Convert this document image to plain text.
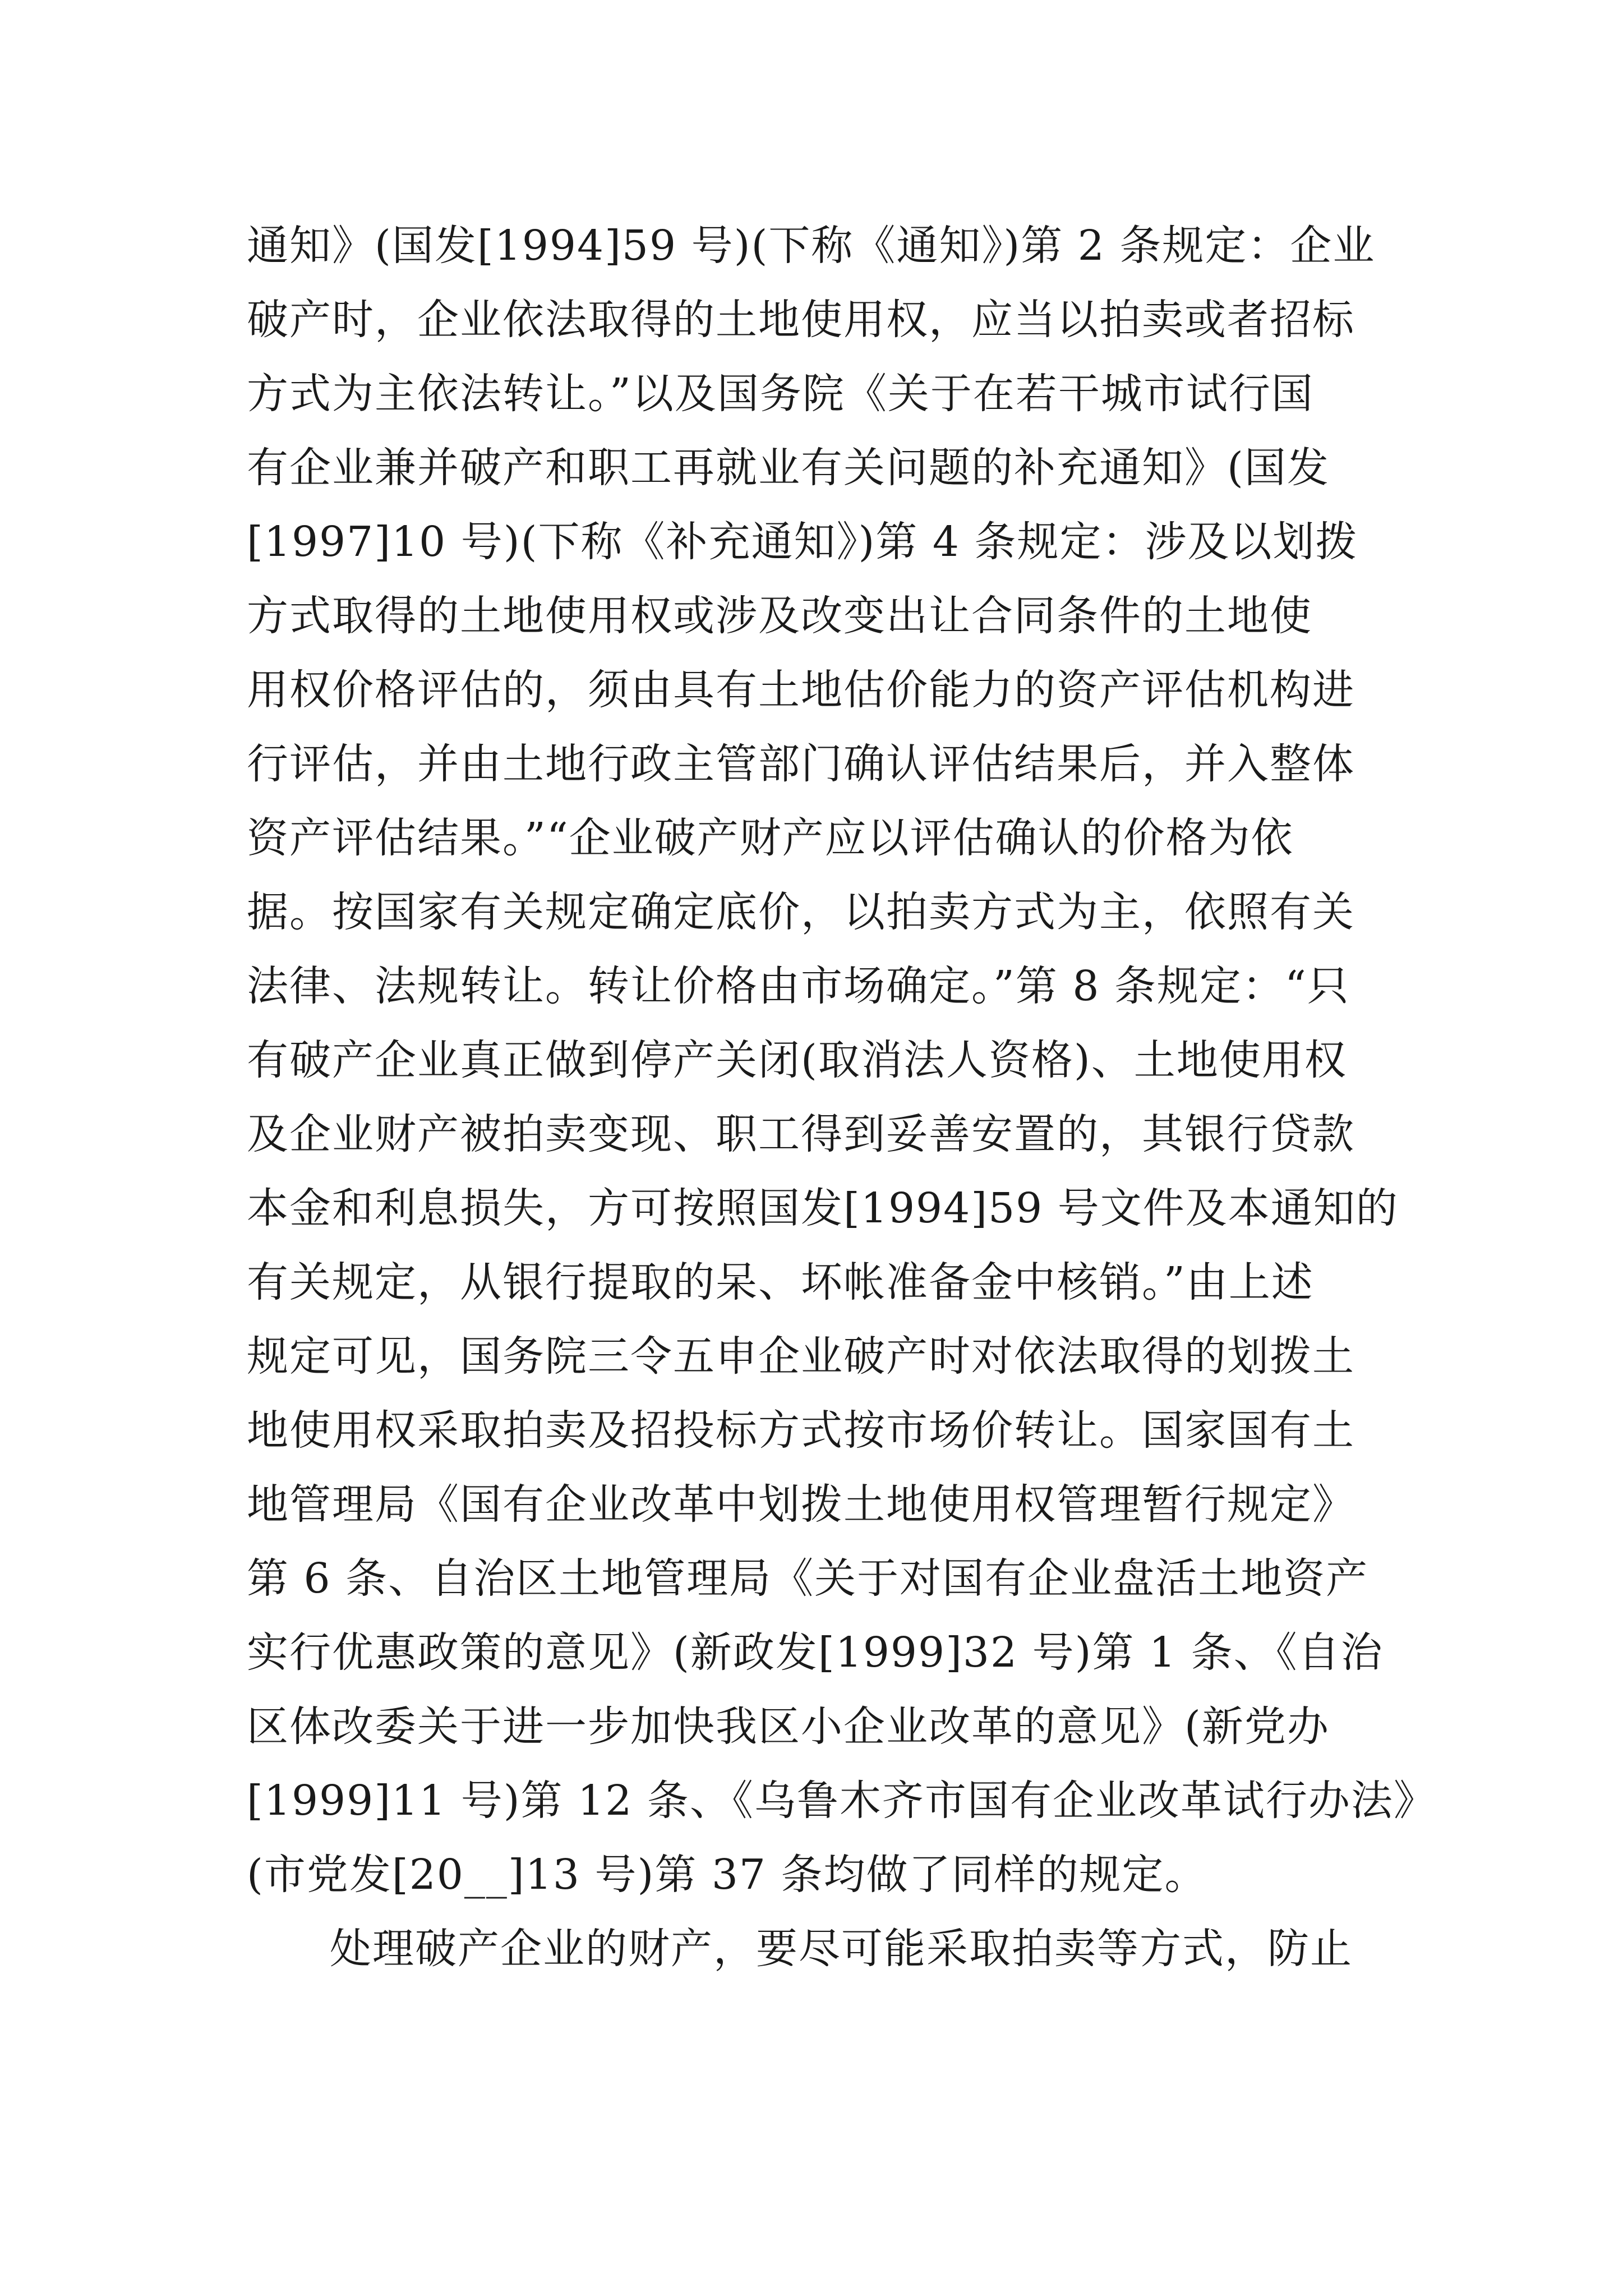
通知》(国发[1994]59 号)(下称《通知》)第 2 条规定：企业
破产时，企业依法取得的土地使用权，应当以拍卖或者招标
方式为主依法转让。”以及国务院《关于在若干城市试行国
有企业兼并破产和职工再就业有关问题的补充通知》(国发
[1997]10 号)(下称《补充通知》)第 4 条规定：涉及以划拨
方式取得的土地使用权或涉及改变出让合同条件的土地使
用权价格评估的，须由具有土地估价能力的资产评估机构进
行评估，并由土地行政主管部门确认评估结果后，并入整体
资产评估结果。”“企业破产财产应以评估确认的价格为依
据。按国家有关规定确定底价，以拍卖方式为主，依照有关
法律、法规转让。转让价格由市场确定。”第 8 条规定：“只
有破产企业真正做到停产关闭(取消法人资格)、土地使用权
及企业财产被拍卖变现、职工得到妥善安置的，其银行贷款
本金和利息损失，方可按照国发[1994]59 号文件及本通知的
有关规定，从银行提取的呆、坏帐准备金中核销。”由上述
规定可见，国务院三令五申企业破产时对依法取得的划拨土
地使用权采取拍卖及招投标方式按市场价转让。国家国有土
地管理局《国有企业改革中划拨土地使用权管理暂行规定》
第 6 条、自治区土地管理局《关于对国有企业盘活土地资产
实行优惠政策的意见》(新政发[1999]32 号)第 1 条、《自治
区体改委关于进一步加快我区小企业改革的意见》(新党办
[1999]11 号)第 12 条、《乌鲁木齐市国有企业改革试行办法》
(市党发[20__]13 号)第 37 条均做了同样的规定。
处理破产企业的财产，要尽可能采取拍卖等方式，防止
